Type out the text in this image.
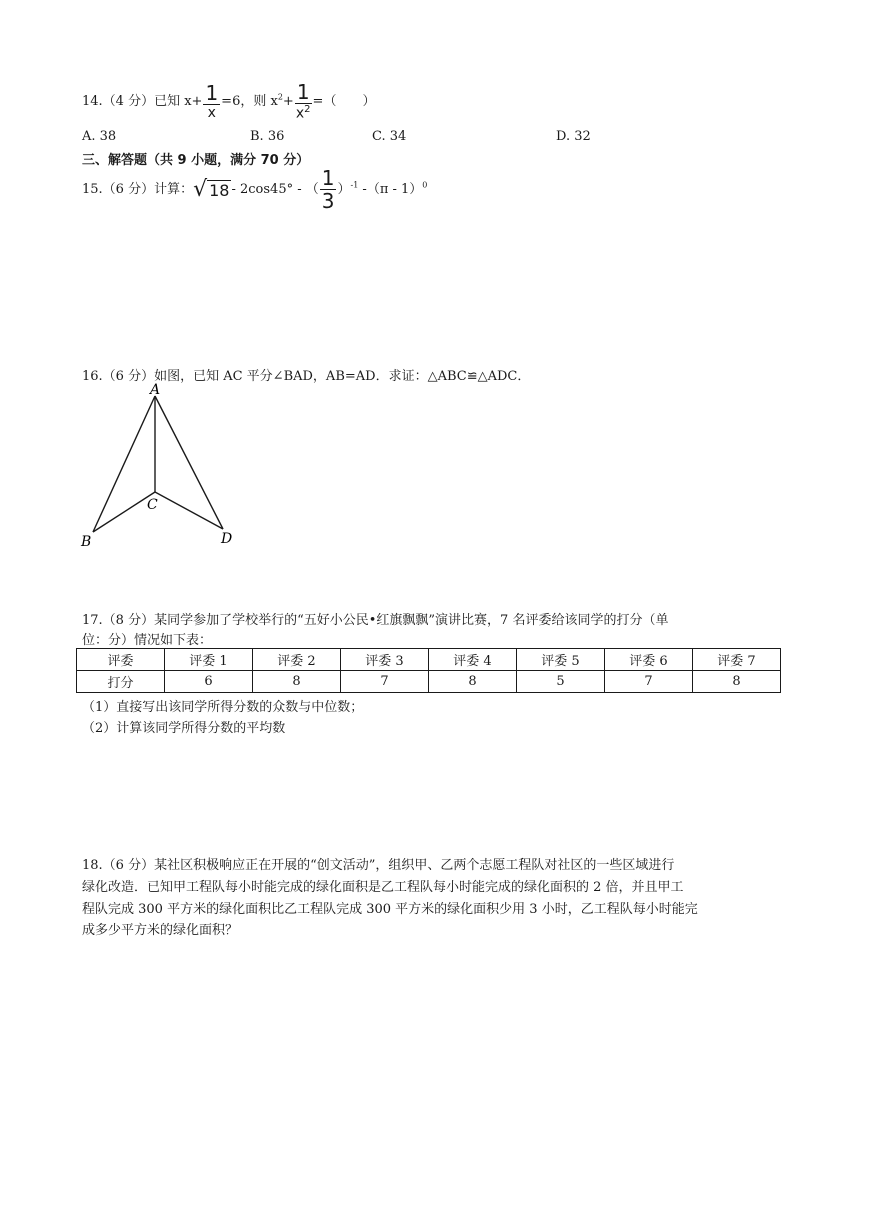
14.（4 分）已知 $x+ \frac{1}{x} =6$，则 $x^2+ \frac{1}{x^2}$ =（　　）
A. 38	B. 36	C. 34	D. 32
三、解答题（共 9 小题，满分 70 分）
15.（6 分）计算：√ 18 - 2cos45° - （ $\frac{1}{3} )^{-1}$ -（π - 1）$^0$
16.（6 分）如图，已知 AC 平分∠BAD，AB=AD．求证：△ABC≌△ADC．
A
B
C
D
17.（8 分）某同学参加了学校举行的“五好小公民•红旗飘飘”演讲比赛，7 名评委给该同学的打分（单
位：分）情况如下表：
评委	评委 1	评委 2	评委 3	评委 4	评委 5	评委 6	评委 7
打分	6	8	7	8	5	7	8
（1）直接写出该同学所得分数的众数与中位数；
（2）计算该同学所得分数的平均数
18.（6 分）某社区积极响应正在开展的“创文活动”，组织甲、乙两个志愿工程队对社区的一些区域进行
绿化改造．已知甲工程队每小时能完成的绿化面积是乙工程队每小时能完成的绿化面积的 2 倍，并且甲工
程队完成 300 平方米的绿化面积比乙工程队完成 300 平方米的绿化面积少用 3 小时，乙工程队每小时能完
成多少平方米的绿化面积？
